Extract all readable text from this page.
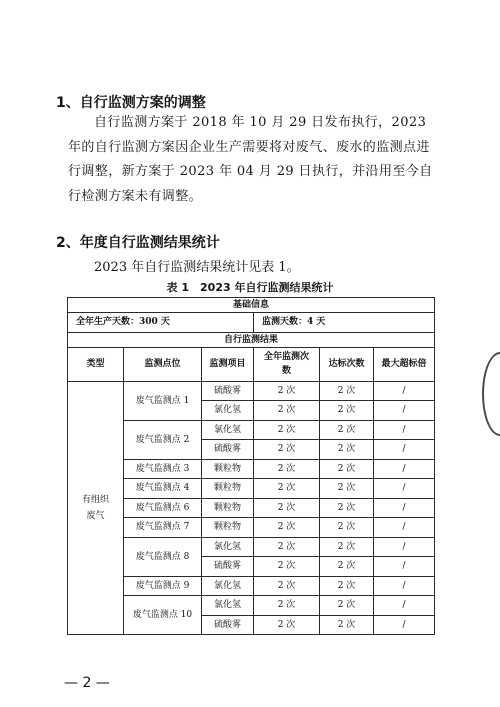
1、自行监测方案的调整
自行监测方案于 2018 年 10 月 29 日发布执行，2023 年的自行监测方案因企业生产需要将对废气、废水的监测点进行调整，新方案于 2023 年 04 月 29 日执行，并沿用至今自行检测方案未有调整。
2、年度自行监测结果统计
2023 年自行监测结果统计见表 1。
表 1　2023 年自行监测结果统计
基础信息					
全年生产天数：300 天			监测天数：4 天		
自行监测结果					
类型	监测点位	监测项目	全年监测次数	达标次数	最大超标倍
有组织废气	废气监测点 1	硫酸雾	2 次	2 次	/
		氯化氢	2 次	2 次	/
	废气监测点 2	氯化氢	2 次	2 次	/
		硫酸雾	2 次	2 次	/
	废气监测点 3	颗粒物	2 次	2 次	/
	废气监测点 4	颗粒物	2 次	2 次	/
	废气监测点 6	颗粒物	2 次	2 次	/
	废气监测点 7	颗粒物	2 次	2 次	/
	废气监测点 8	氯化氢	2 次	2 次	/
		硫酸雾	2 次	2 次	/
	废气监测点 9	氯化氢	2 次	2 次	/
	废气监测点 10	氯化氢	2 次	2 次	/
		硫酸雾	2 次	2 次	/
— 2 —
